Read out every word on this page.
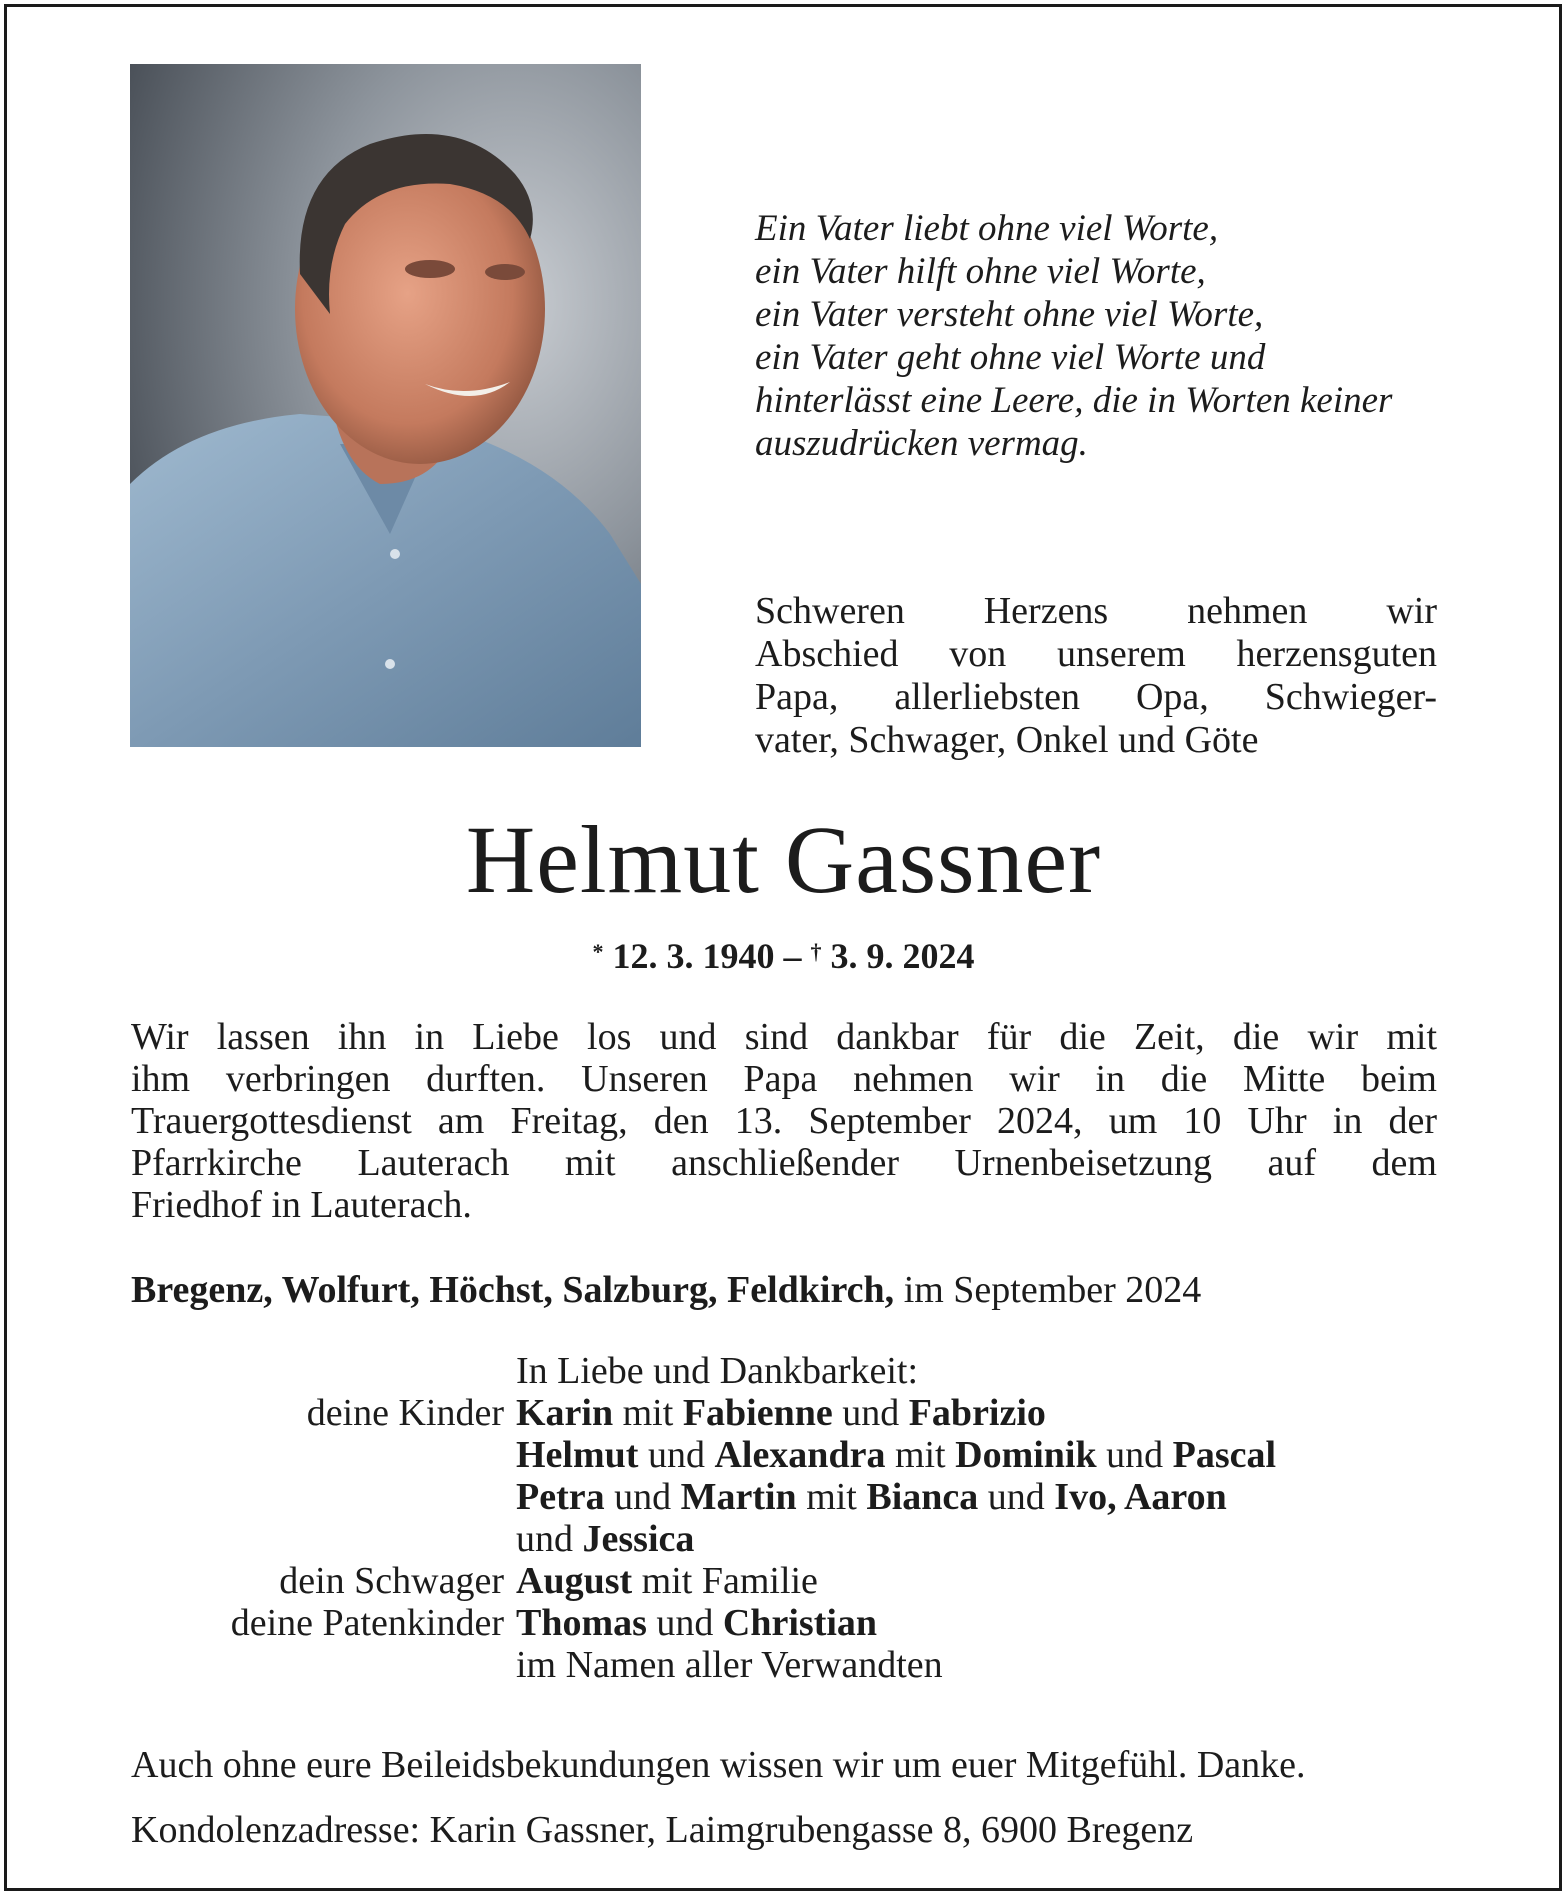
Ein Vater liebt ohne viel Worte,
ein Vater hilft ohne viel Worte,
ein Vater versteht ohne viel Worte,
ein Vater geht ohne viel Worte und
hinterlässt eine Leere, die in Worten keiner
auszudrücken vermag.
Schweren Herzens nehmen wir
Abschied von unserem herzensguten
Papa, allerliebsten Opa, Schwieger-
vater, Schwager, Onkel und Göte
Helmut Gassner
* 12. 3. 1940 – † 3. 9. 2024
Wir lassen ihn in Liebe los und sind dankbar für die Zeit, die wir mit
ihm verbringen durften. Unseren Papa nehmen wir in die Mitte beim
Trauergottesdienst am Freitag, den 13. September 2024, um 10 Uhr in der
Pfarrkirche Lauterach mit anschließender Urnenbeisetzung auf dem
Friedhof in Lauterach.
Bregenz, Wolfurt, Höchst, Salzburg, Feldkirch, im September 2024
In Liebe und Dankbarkeit:
deine Kinder Karin mit Fabienne und Fabrizio
Helmut und Alexandra mit Dominik und Pascal
Petra und Martin mit Bianca und Ivo, Aaron
und Jessica
dein Schwager August mit Familie
deine Patenkinder Thomas und Christian
im Namen aller Verwandten
Auch ohne eure Beileidsbekundungen wissen wir um euer Mitgefühl. Danke.
Kondolenzadresse: Karin Gassner, Laimgrubengasse 8, 6900 Bregenz
